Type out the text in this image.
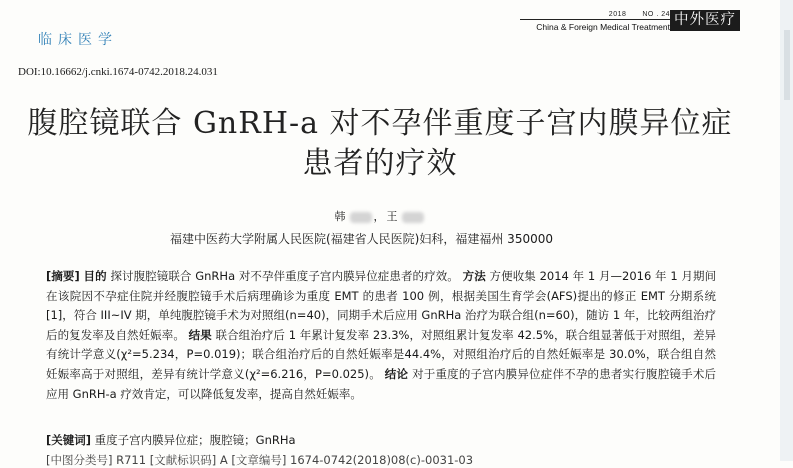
临床医学
2018 NO . 24
China & Foreign Medical Treatment 中外医疗
DOI:10.16662/j.cnki.1674-0742.2018.24.031
腹腔镜联合 GnRH-a 对不孕伴重度子宫内膜异位症
患者的疗效
韩 ，王
福建中医药大学附属人民医院(福建省人民医院)妇科，福建福州 350000
[摘要] 目的 探讨腹腔镜联合 GnRHa 对不孕伴重度子宫内膜异位症患者的疗效。 方法 方便收集 2014 年 1 月—2016 年 1 月期间在该院因不孕症住院并经腹腔镜手术后病理确诊为重度 EMT 的患者 100 例，根据美国生育学会(AFS)提出的修正 EMT 分期系统[1]，符合 III~IV 期，单纯腹腔镜手术为对照组(n=40)，同期手术后应用 GnRHa 治疗为联合组(n=60)，随访 1 年，比较两组治疗后的复发率及自然妊娠率。 结果 联合组治疗后 1 年累计复发率 23.3%，对照组累计复发率 42.5%，联合组显著低于对照组，差异有统计学意义(χ²=5.234，P=0.019)；联合组治疗后的自然妊娠率是44.4%，对照组治疗后的自然妊娠率是 30.0%，联合组自然妊娠率高于对照组，差异有统计学意义(χ²=6.216，P=0.025)。 结论 对于重度的子宫内膜异位症伴不孕的患者实行腹腔镜手术后应用 GnRH-a 疗效肯定，可以降低复发率，提高自然妊娠率。
[关键词] 重度子宫内膜异位症；腹腔镜；GnRHa
[中图分类号] R711 [文献标识码] A [文章编号] 1674-0742(2018)08(c)-0031-03
